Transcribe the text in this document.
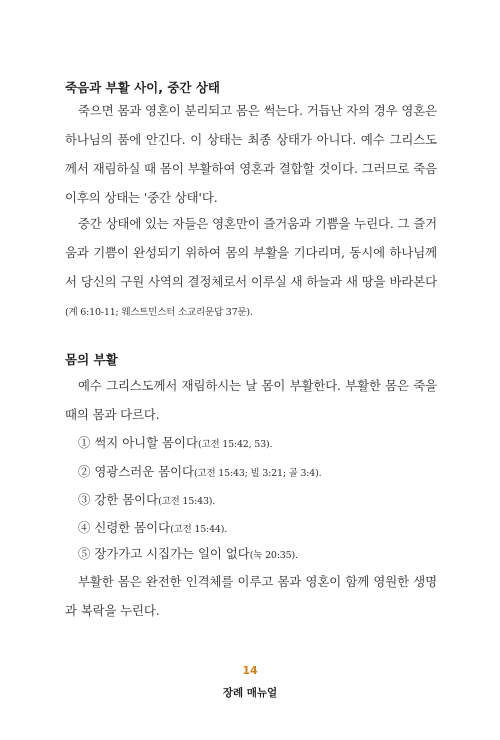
죽음과 부활 사이, 중간 상태

죽으면 몸과 영혼이 분리되고 몸은 썩는다. 거듭난 자의 경우 영혼은 하나님의 품에 안긴다. 이 상태는 최종 상태가 아니다. 예수 그리스도께서 재림하실 때 몸이 부활하여 영혼과 결합할 것이다. 그러므로 죽음 이후의 상태는 '중간 상태'다.

중간 상태에 있는 자들은 영혼만이 즐거움과 기쁨을 누린다. 그 즐거움과 기쁨이 완성되기 위하여 몸의 부활을 기다리며, 동시에 하나님께서 당신의 구원 사역의 결정체로서 이루실 새 하늘과 새 땅을 바라본다(계 6:10-11; 웨스트민스터 소교리문답 37문).

몸의 부활

예수 그리스도께서 재림하시는 날 몸이 부활한다. 부활한 몸은 죽을 때의 몸과 다르다.

① 썩지 아니할 몸이다(고전 15:42, 53).
② 영광스러운 몸이다(고전 15:43; 빌 3:21; 골 3:4).
③ 강한 몸이다(고전 15:43).
④ 신령한 몸이다(고전 15:44).
⑤ 장가가고 시집가는 일이 없다(눅 20:35).

부활한 몸은 완전한 인격체를 이루고 몸과 영혼이 함께 영원한 생명과 복락을 누린다.

14
장례 매뉴얼
